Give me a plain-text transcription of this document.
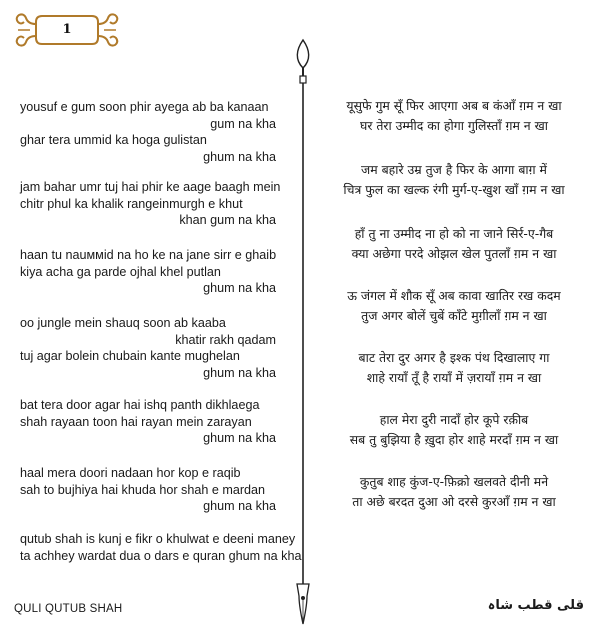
1
yousuf e gum soon phir ayega ab ba kanaan
gum na kha
ghar tera ummid ka hoga gulistan
ghum na kha
jam bahar umr tuj hai phir ke aage baagh mein
chitr phul ka khalik rangeinmurgh e khut
khan gum na kha
haan tu nauммid na ho ke na jane sirr e ghaib
kiya acha ga parde ojhal khel putlan
ghum na kha
oo jungle mein shauq soon ab kaaba
khatir rakh qadam
tuj agar bolein chubain kante mughelan
ghum na kha
bat tera door agar hai ishq panth dikhlaega
shah rayaan toon hai rayan mein zarayan
ghum na kha
haal mera doori nadaan hor kop e raqib
sah to bujhiya hai khuda hor shah e mardan
ghum na kha
qutub shah is kunj e fikr o khulwat e deeni maney
ta achhey wardat dua o dars e quran ghum na kha
यूसुफे गुम सूँ फिर आएगा अब ब कंआँ ग़म न खा
घर तेरा उम्मीद का होगा गुलिस्ताँ ग़म न खा
जम बहारे उम्र तुज है फिर के आगा बाग़ में
चित्र फुल का खल्क रंगी मुर्ग-ए-खुश खाँ ग़म न खा
हाँ तु ना उम्मीद ना हो को ना जाने सिर्र-ए-गैब
क्या अछेगा परदे ओझल खेल पुतलाँ ग़म न खा
ऊ जंगल में शौक सूँ अब कावा खातिर रख कदम
तुज अगर बोलें चुबें काँटे मुग़ीलाँ ग़म न खा
बाट तेरा दुर अगर है इश्क पंथ दिखालाए गा
शाहे रायाँ तूँ है रायाँ में ज़रायाँ ग़म न खा
हाल मेरा दुरी नादाँ होर कूपे रक़ीब
सब तु बुझिया है ख़ुदा होर शाहे मरदाँ ग़म न खा
कुतुब शाह कुंज-ए-फ़िक्रो खलवते दीनी मने
ता अछे बरदत दुआ ओ दरसे कुरआँ ग़म न खा
QULI QUTUB SHAH	قلی قطب شاہ
